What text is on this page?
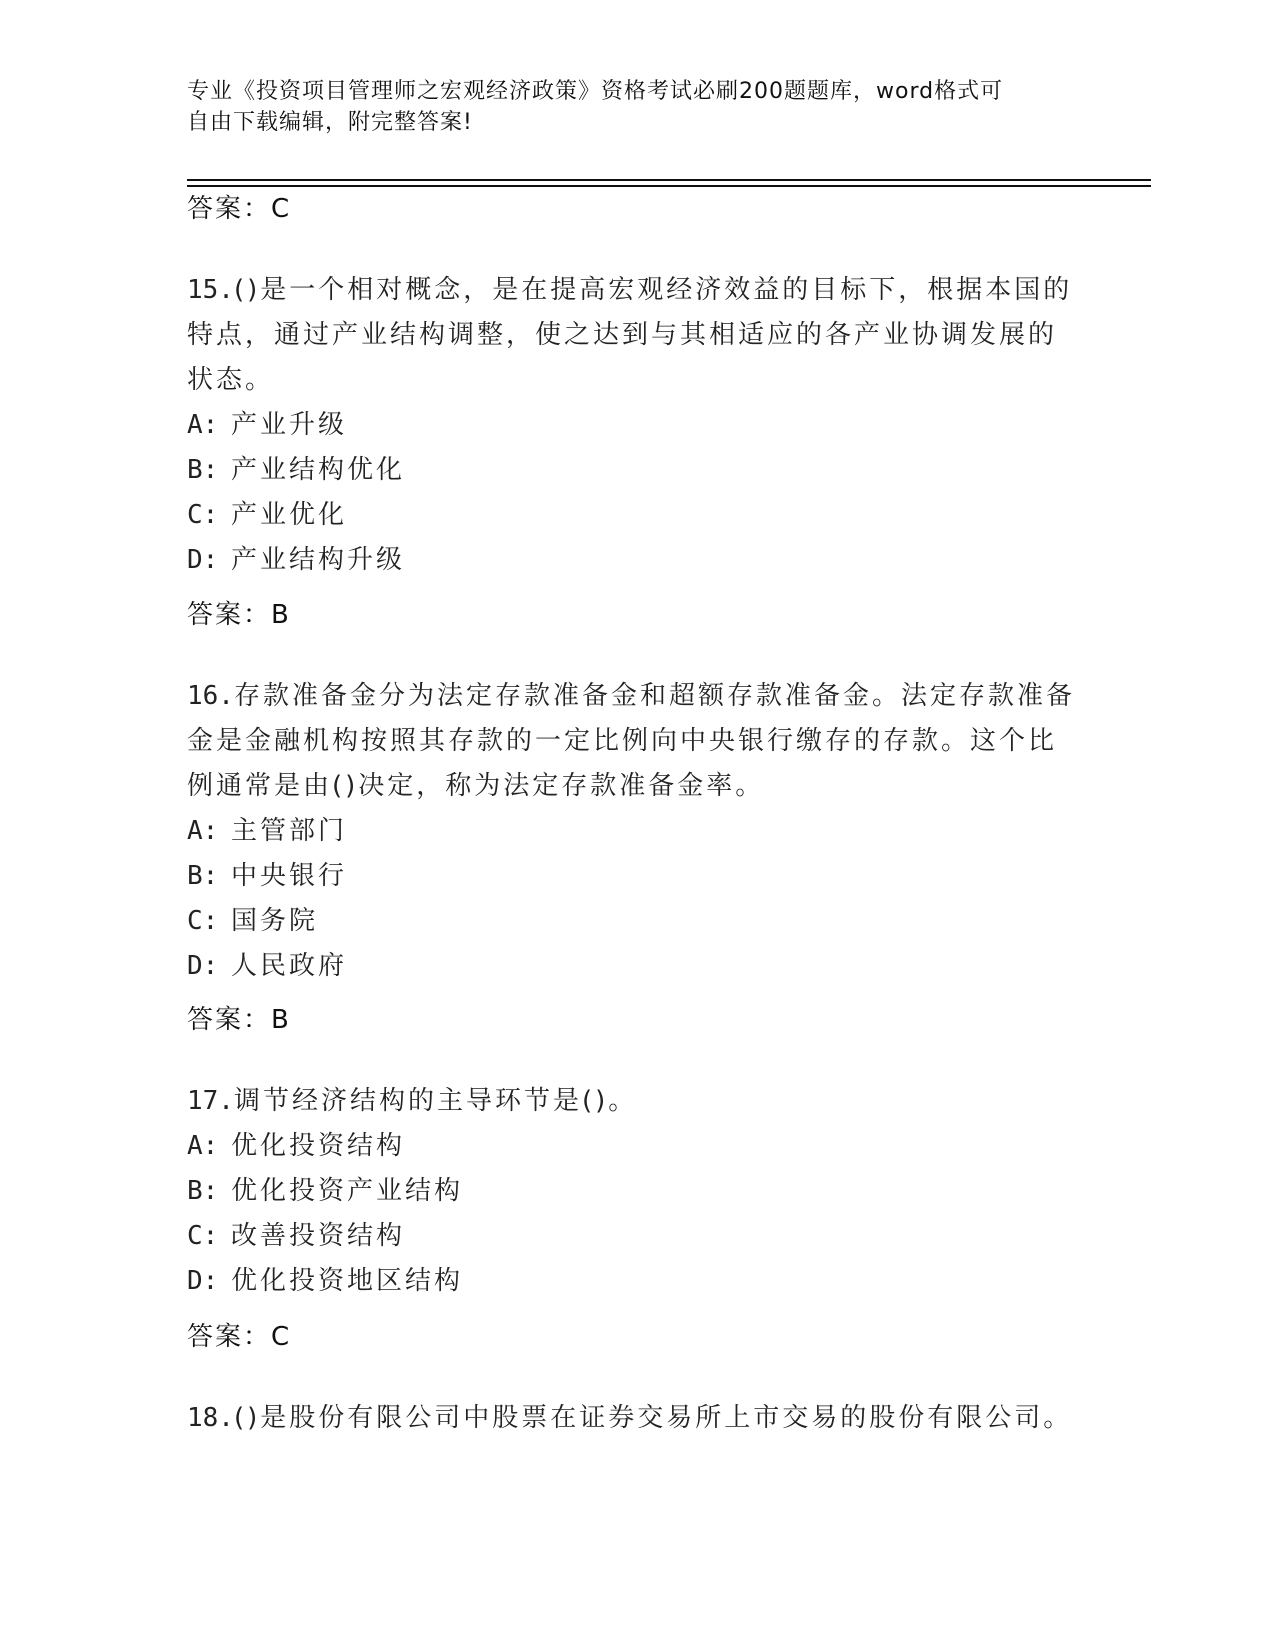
专业《投资项目管理师之宏观经济政策》资格考试必刷200题题库，word格式可
自由下载编辑，附完整答案!
答案：C
15.()是一个相对概念，是在提高宏观经济效益的目标下，根据本国的
特点，通过产业结构调整，使之达到与其相适应的各产业协调发展的
状态。
A: 产业升级
B: 产业结构优化
C: 产业优化
D: 产业结构升级
答案：B
16.存款准备金分为法定存款准备金和超额存款准备金。法定存款准备
金是金融机构按照其存款的一定比例向中央银行缴存的存款。这个比
例通常是由()决定，称为法定存款准备金率。
A: 主管部门
B: 中央银行
C: 国务院
D: 人民政府
答案：B
17.调节经济结构的主导环节是()。
A: 优化投资结构
B: 优化投资产业结构
C: 改善投资结构
D: 优化投资地区结构
答案：C
18.()是股份有限公司中股票在证券交易所上市交易的股份有限公司。
